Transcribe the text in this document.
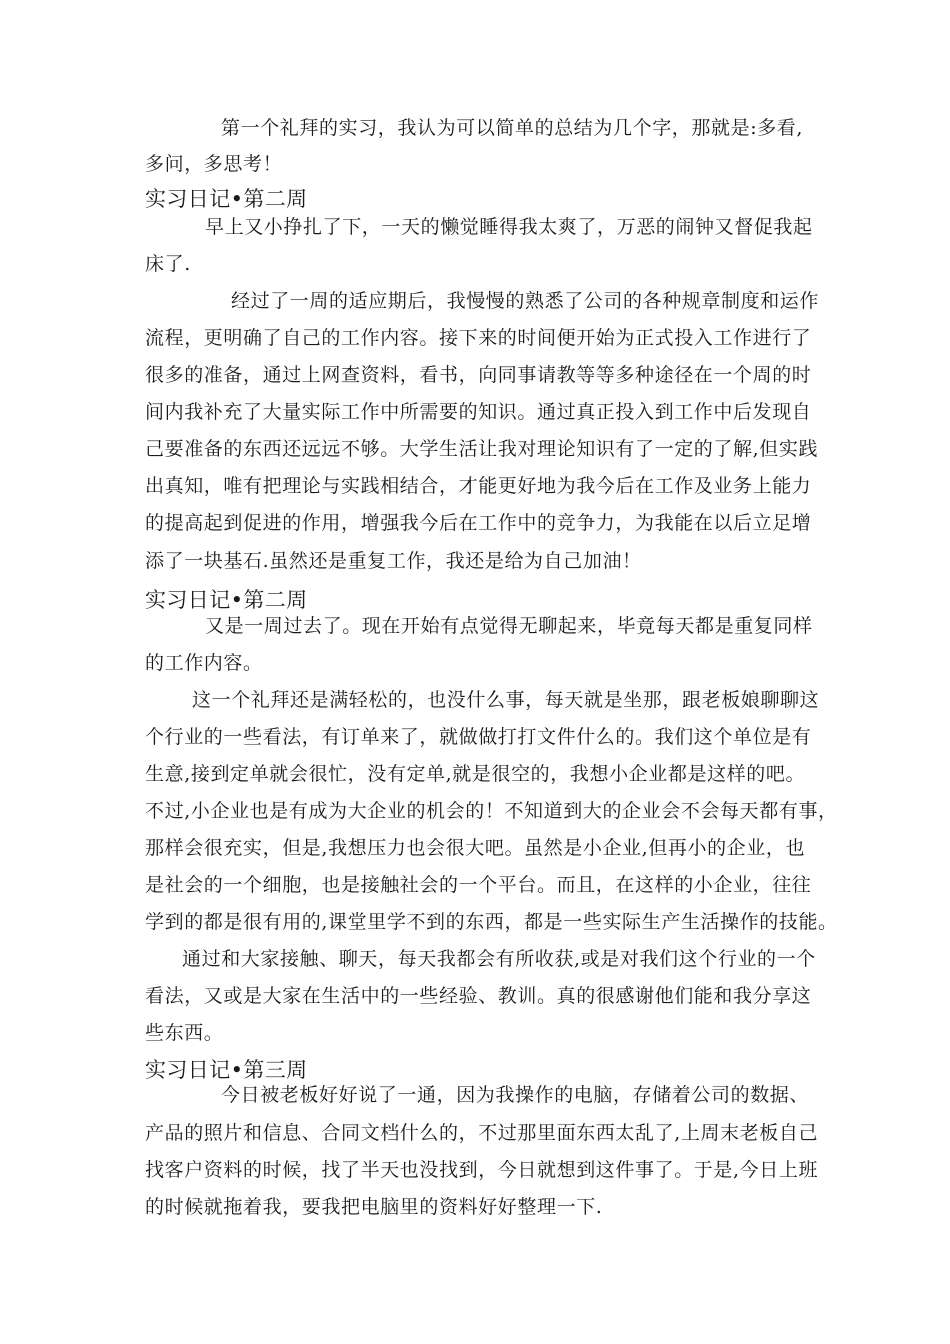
第一个礼拜的实习，我认为可以简单的总结为几个字，那就是:多看,
多问，多思考！
实习日记•第二周
早上又小挣扎了下，一天的懒觉睡得我太爽了，万恶的闹钟又督促我起
床了.
经过了一周的适应期后，我慢慢的熟悉了公司的各种规章制度和运作
流程，更明确了自己的工作内容。接下来的时间便开始为正式投入工作进行了
很多的准备，通过上网查资料，看书，向同事请教等等多种途径在一个周的时
间内我补充了大量实际工作中所需要的知识。通过真正投入到工作中后发现自
己要准备的东西还远远不够。大学生活让我对理论知识有了一定的了解,但实践
出真知，唯有把理论与实践相结合，才能更好地为我今后在工作及业务上能力
的提高起到促进的作用，增强我今后在工作中的竞争力，为我能在以后立足增
添了一块基石.虽然还是重复工作，我还是给为自己加油！
实习日记•第二周
又是一周过去了。现在开始有点觉得无聊起来，毕竟每天都是重复同样
的工作内容。
这一个礼拜还是满轻松的，也没什么事，每天就是坐那，跟老板娘聊聊这
个行业的一些看法，有订单来了，就做做打打文件什么的。我们这个单位是有
生意,接到定单就会很忙，没有定单,就是很空的，我想小企业都是这样的吧。
不过,小企业也是有成为大企业的机会的！不知道到大的企业会不会每天都有事，
那样会很充实，但是,我想压力也会很大吧。虽然是小企业,但再小的企业，也
是社会的一个细胞，也是接触社会的一个平台。而且，在这样的小企业，往往
学到的都是很有用的,课堂里学不到的东西，都是一些实际生产生活操作的技能。
通过和大家接触、聊天，每天我都会有所收获,或是对我们这个行业的一个
看法，又或是大家在生活中的一些经验、教训。真的很感谢他们能和我分享这
些东西。
实习日记•第三周
今日被老板好好说了一通，因为我操作的电脑，存储着公司的数据、
产品的照片和信息、合同文档什么的，不过那里面东西太乱了,上周末老板自己
找客户资料的时候，找了半天也没找到，今日就想到这件事了。于是,今日上班
的时候就拖着我，要我把电脑里的资料好好整理一下.
